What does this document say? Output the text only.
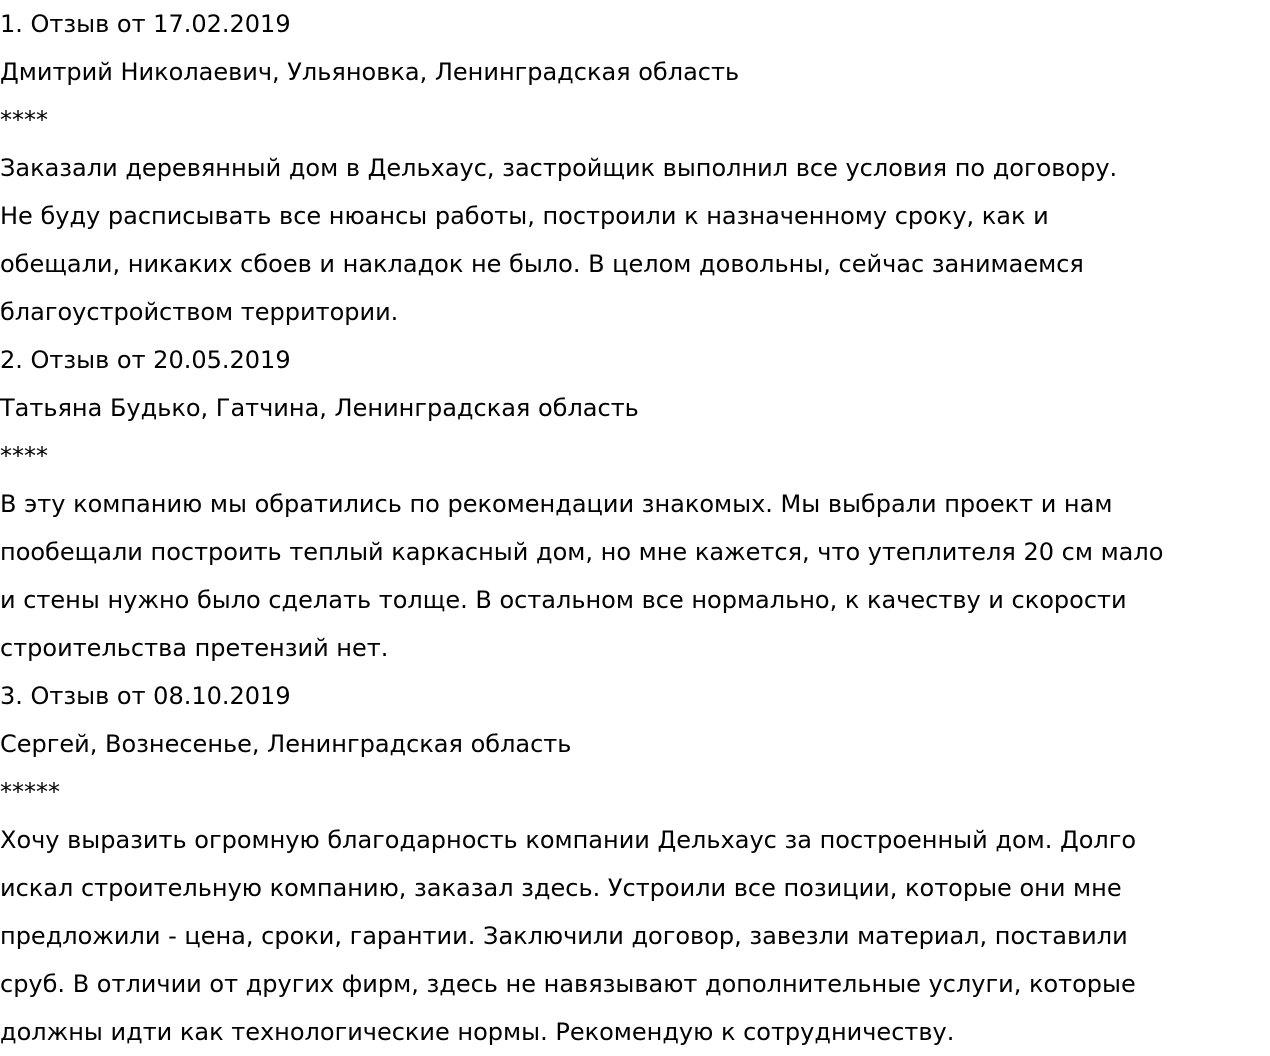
1. Отзыв от 17.02.2019
Дмитрий Николаевич, Ульяновка, Ленинградская область
****
Заказали деревянный дом в Дельхаус, застройщик выполнил все условия по договору.
Не буду расписывать все нюансы работы, построили к назначенному сроку, как и
обещали, никаких сбоев и накладок не было. В целом довольны, сейчас занимаемся
благоустройством территории.
2. Отзыв от 20.05.2019
Татьяна Будько, Гатчина, Ленинградская область
****
В эту компанию мы обратились по рекомендации знакомых. Мы выбрали проект и нам
пообещали построить теплый каркасный дом, но мне кажется, что утеплителя 20 см мало
и стены нужно было сделать толще. В остальном все нормально, к качеству и скорости
строительства претензий нет.
3. Отзыв от 08.10.2019
Сергей, Вознесенье, Ленинградская область
*****
Хочу выразить огромную благодарность компании Дельхаус за построенный дом. Долго
искал строительную компанию, заказал здесь. Устроили все позиции, которые они мне
предложили - цена, сроки, гарантии. Заключили договор, завезли материал, поставили
сруб. В отличии от других фирм, здесь не навязывают дополнительные услуги, которые
должны идти как технологические нормы. Рекомендую к сотрудничеству.
